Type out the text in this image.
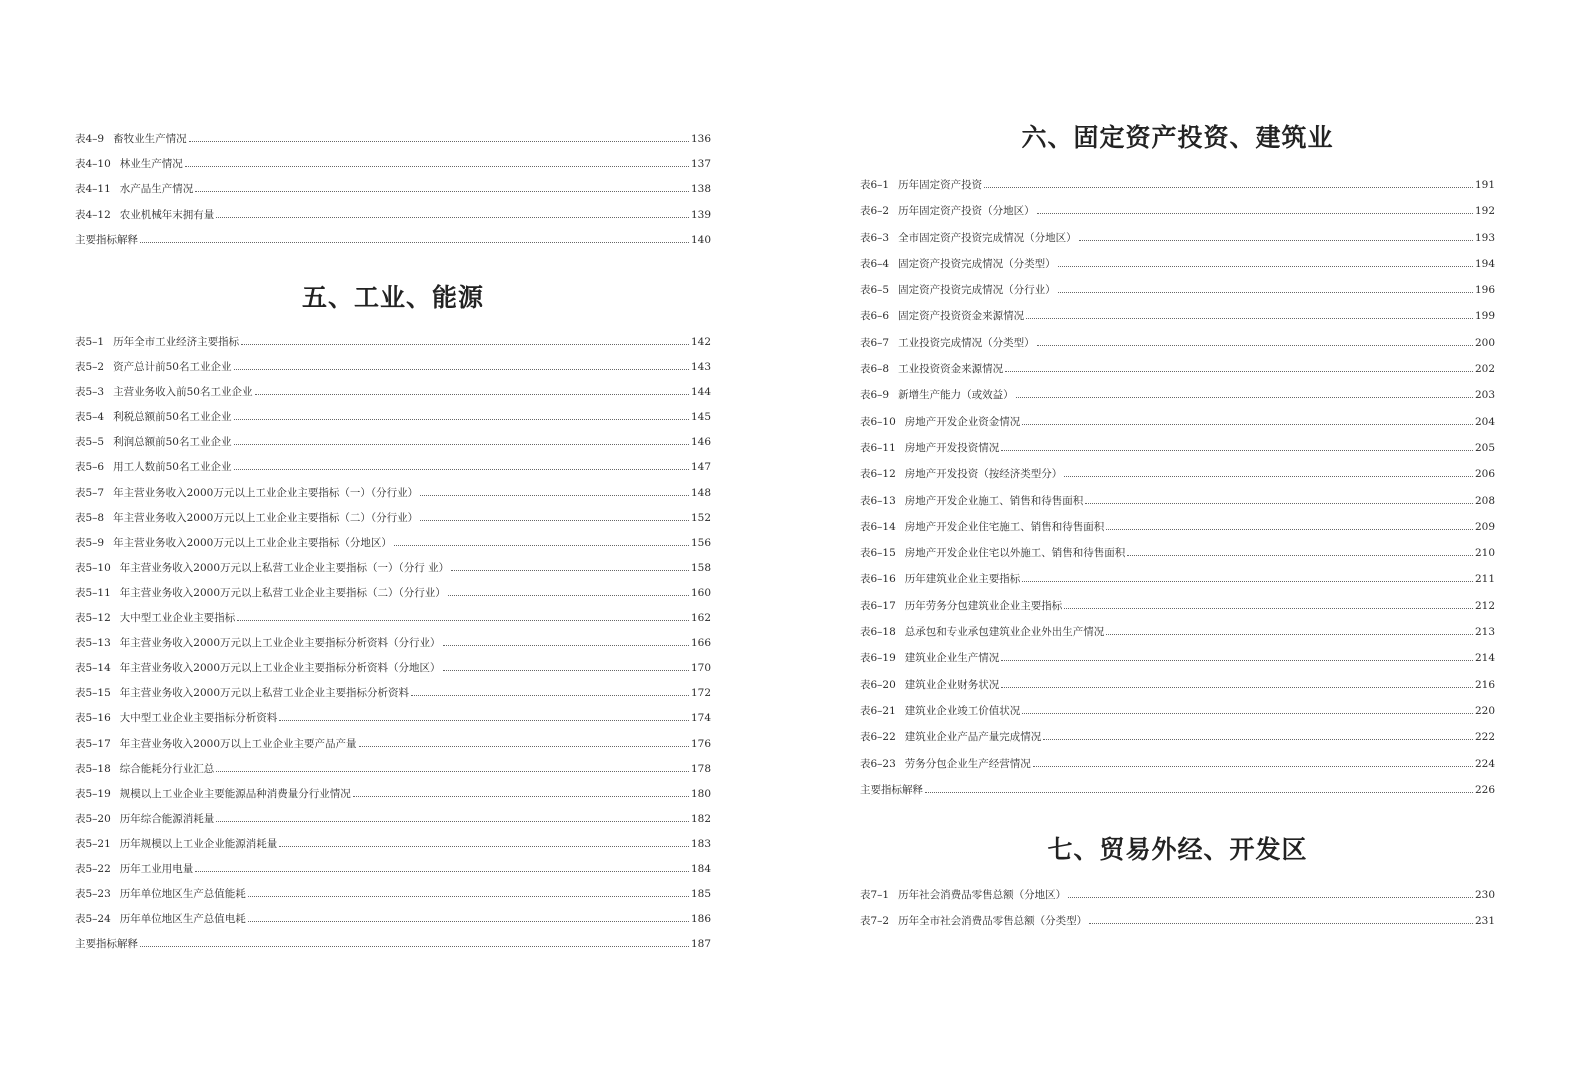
表4–9 畜牧业生产情况	136
表4–10 林业生产情况	137
表4–11 水产品生产情况	138
表4–12 农业机械年末拥有量	139
主要指标解释	140
五、工业、能源
表5–1 历年全市工业经济主要指标	142
表5–2 资产总计前50名工业企业	143
表5–3 主营业务收入前50名工业企业	144
表5–4 利税总额前50名工业企业	145
表5–5 利润总额前50名工业企业	146
表5–6 用工人数前50名工业企业	147
表5–7 年主营业务收入2000万元以上工业企业主要指标（一）（分行业）	148
表5–8 年主营业务收入2000万元以上工业企业主要指标（二）（分行业）	152
表5–9 年主营业务收入2000万元以上工业企业主要指标（分地区）	156
表5–10 年主营业务收入2000万元以上私营工业企业主要指标（一）（分行 业）	158
表5–11 年主营业务收入2000万元以上私营工业企业主要指标（二）（分行业）	160
表5–12 大中型工业企业主要指标	162
表5–13 年主营业务收入2000万元以上工业企业主要指标分析资料（分行业）	166
表5–14 年主营业务收入2000万元以上工业企业主要指标分析资料（分地区）	170
表5–15 年主营业务收入2000万元以上私营工业企业主要指标分析资料	172
表5–16 大中型工业企业主要指标分析资料	174
表5–17 年主营业务收入2000万以上工业企业主要产品产量	176
表5–18 综合能耗分行业汇总	178
表5–19 规模以上工业企业主要能源品种消费量分行业情况	180
表5–20 历年综合能源消耗量	182
表5–21 历年规模以上工业企业能源消耗量	183
表5–22 历年工业用电量	184
表5–23 历年单位地区生产总值能耗	185
表5–24 历年单位地区生产总值电耗	186
主要指标解释	187
六、固定资产投资、建筑业
表6–1 历年固定资产投资	191
表6–2 历年固定资产投资（分地区）	192
表6–3 全市固定资产投资完成情况（分地区）	193
表6–4 固定资产投资完成情况（分类型）	194
表6–5 固定资产投资完成情况（分行业）	196
表6–6 固定资产投资资金来源情况	199
表6–7 工业投资完成情况（分类型）	200
表6–8 工业投资资金来源情况	202
表6–9 新增生产能力（或效益）	203
表6–10 房地产开发企业资金情况	204
表6–11 房地产开发投资情况	205
表6–12 房地产开发投资（按经济类型分）	206
表6–13 房地产开发企业施工、销售和待售面积	208
表6–14 房地产开发企业住宅施工、销售和待售面积	209
表6–15 房地产开发企业住宅以外施工、销售和待售面积	210
表6–16 历年建筑业企业主要指标	211
表6–17 历年劳务分包建筑业企业主要指标	212
表6–18 总承包和专业承包建筑业企业外出生产情况	213
表6–19 建筑业企业生产情况	214
表6–20 建筑业企业财务状况	216
表6–21 建筑业企业竣工价值状况	220
表6–22 建筑业企业产品产量完成情况	222
表6–23 劳务分包企业生产经营情况	224
主要指标解释	226
七、贸易外经、开发区
表7–1 历年社会消费品零售总额（分地区）	230
表7–2 历年全市社会消费品零售总额（分类型）	231
